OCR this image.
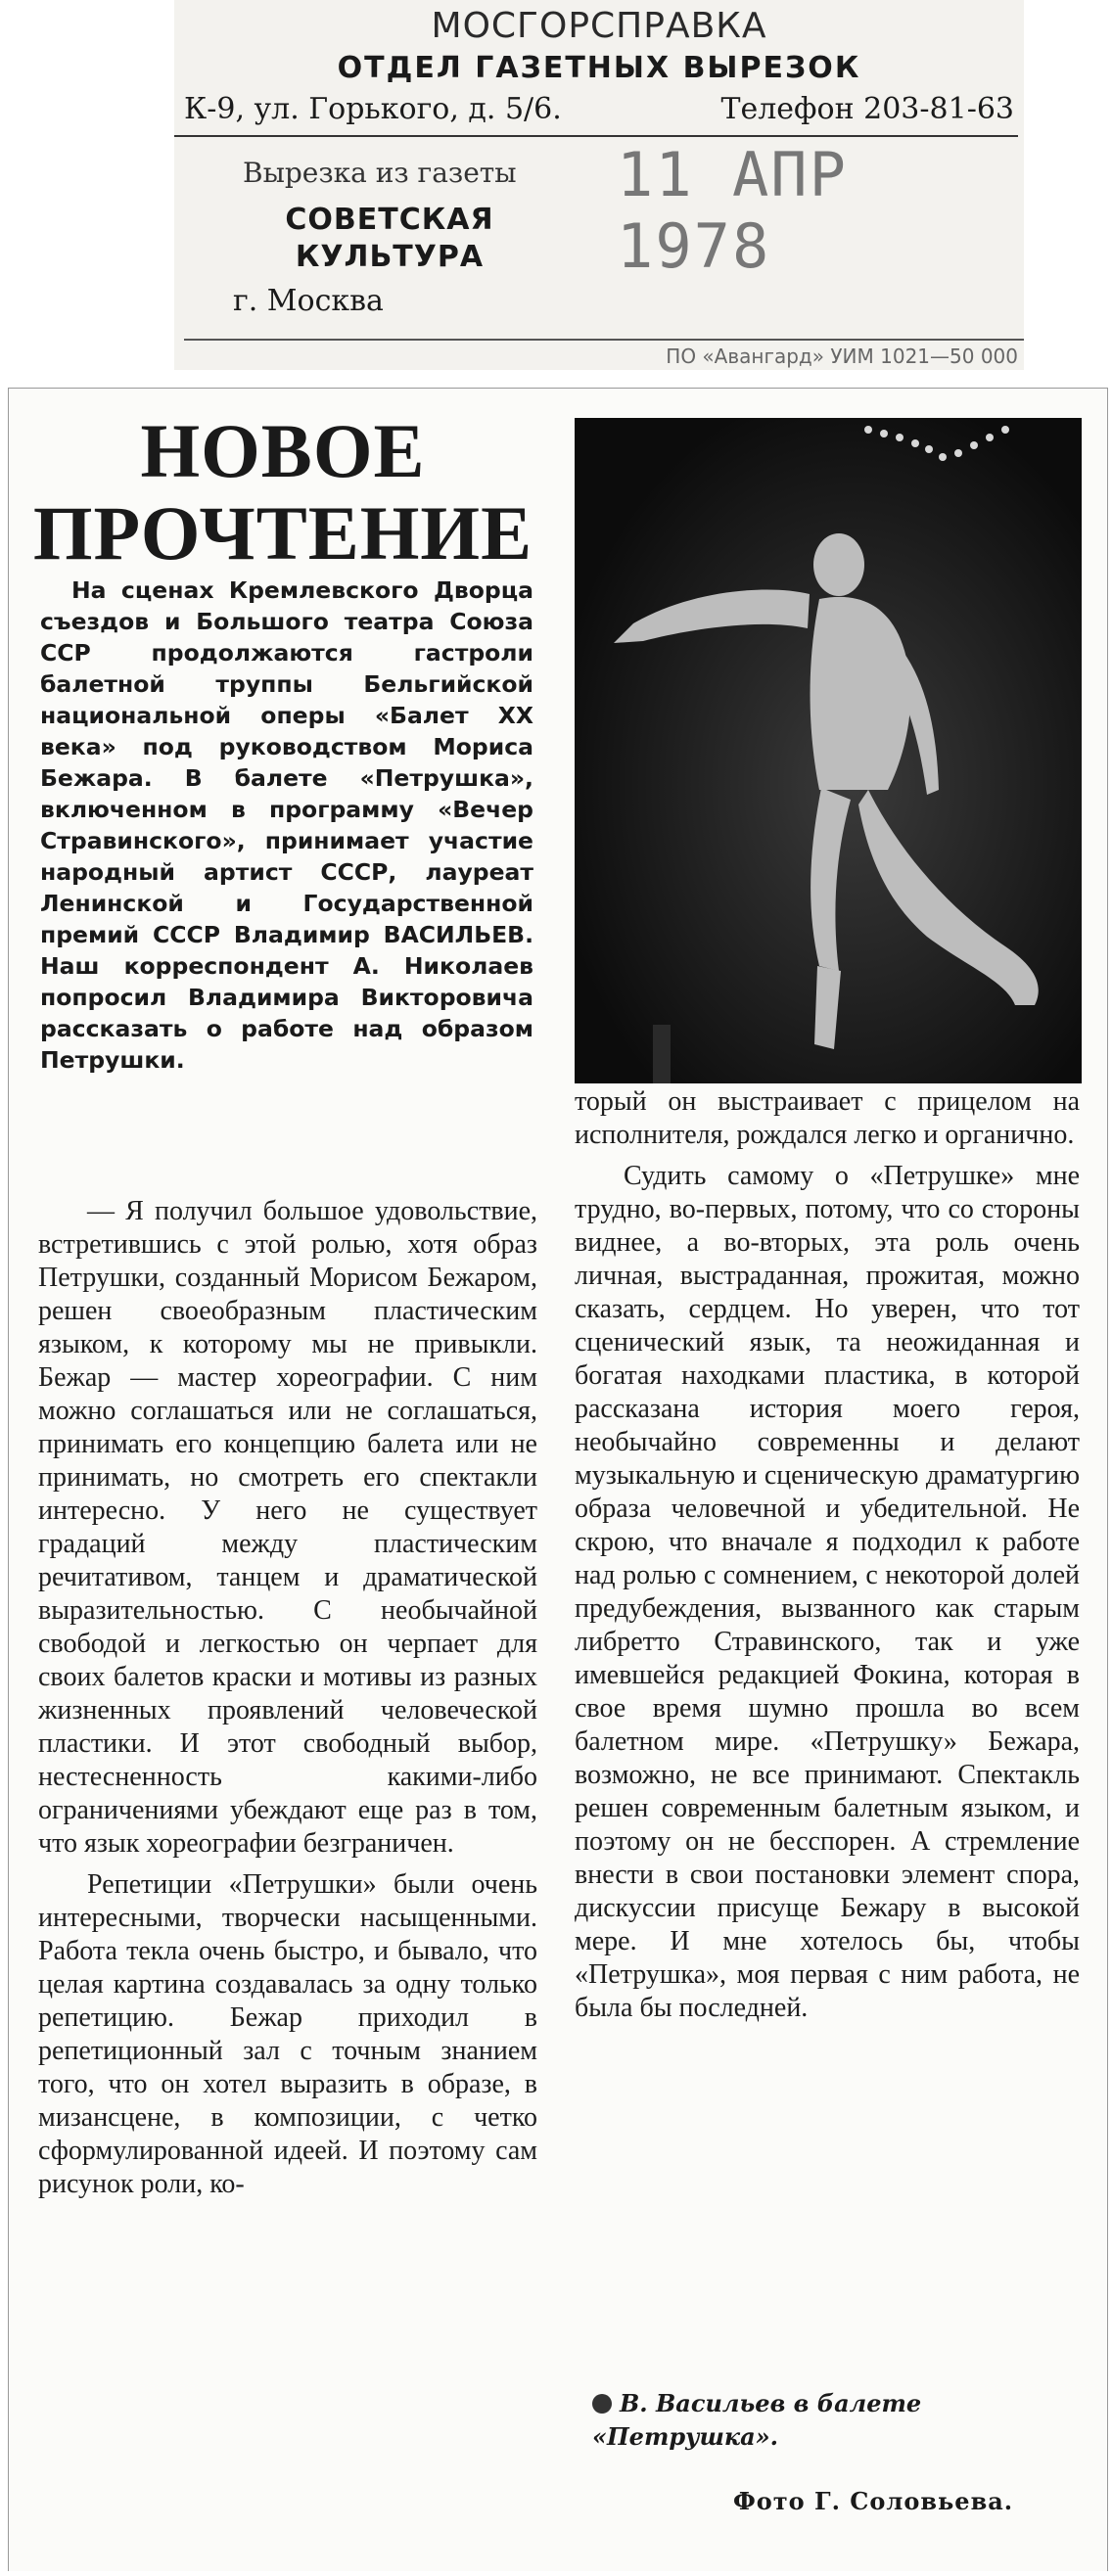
МОСГОРСПРАВКА
ОТДЕЛ ГАЗЕТНЫХ ВЫРЕЗОК
К-9, ул. Горького, д. 5/6.	Телефон 203-81-63
Вырезка из газеты
СОВЕТСКАЯ
КУЛЬТУРА
11 АПР 1978
г. Москва
ПО «Авангард» УИМ 1021—50 000
НОВОЕ
ПРОЧТЕНИЕ

На сценах Кремлевского Дворца съездов и Большого театра Союза ССР продолжаются гастроли балетной труппы Бельгийской национальной оперы «Балет XX века» под руководством Мориса Бежара. В балете «Петрушка», включенном в программу «Вечер Стравинского», принимает участие народный артист СССР, лауреат Ленинской и Государственной премий СССР Владимир ВАСИЛЬЕВ. Наш корреспондент А. Николаев попросил Владимира Викторовича рассказать о работе над образом Петрушки.

— Я получил большое удовольствие, встретившись с этой ролью, хотя образ Петрушки, созданный Морисом Бежаром, решен своеобразным пластическим языком, к которому мы не привыкли. Бежар — мастер хореографии. С ним можно соглашаться или не соглашаться, принимать его концепцию балета или не принимать, но смотреть его спектакли интересно. У него не существует градаций между пластическим речитативом, танцем и драматической выразительностью. С необычайной свободой и легкостью он черпает для своих балетов краски и мотивы из разных жизненных проявлений человеческой пластики. И этот свободный выбор, нестесненность какими-либо ограничениями убеждают еще раз в том, что язык хореографии безграничен.

Репетиции «Петрушки» были очень интересными, творчески насыщенными. Работа текла очень быстро, и бывало, что целая картина создавалась за одну только репетицию. Бежар приходил в репетиционный зал с точным знанием того, что он хотел выразить в образе, в мизансцене, в композиции, с четко сформулированной идеей. И поэтому сам рисунок роли, ко-

торый он выстраивает с прицелом на исполнителя, рождался легко и органично.

Судить самому о «Петрушке» мне трудно, во-первых, потому, что со стороны виднее, а во-вторых, эта роль очень личная, выстраданная, прожитая, можно сказать, сердцем. Но уверен, что тот сценический язык, та неожиданная и богатая находками пластика, в которой рассказана история моего героя, необычайно современны и делают музыкальную и сценическую драматургию образа человечной и убедительной. Не скрою, что вначале я подходил к работе над ролью с сомнением, с некоторой долей предубеждения, вызванного как старым либретто Стравинского, так и уже имевшейся редакцией Фокина, которая в свое время шумно прошла во всем балетном мире. «Петрушку» Бежара, возможно, не все принимают. Спектакль решен современным балетным языком, и поэтому он не бесспорен. А стремление внести в свои постановки элемент спора, дискуссии присуще Бежару в высокой мере. И мне хотелось бы, чтобы «Петрушка», моя первая с ним работа, не была бы последней.

В. Васильев в балете «Петрушка».
Фото Г. Соловьева.
